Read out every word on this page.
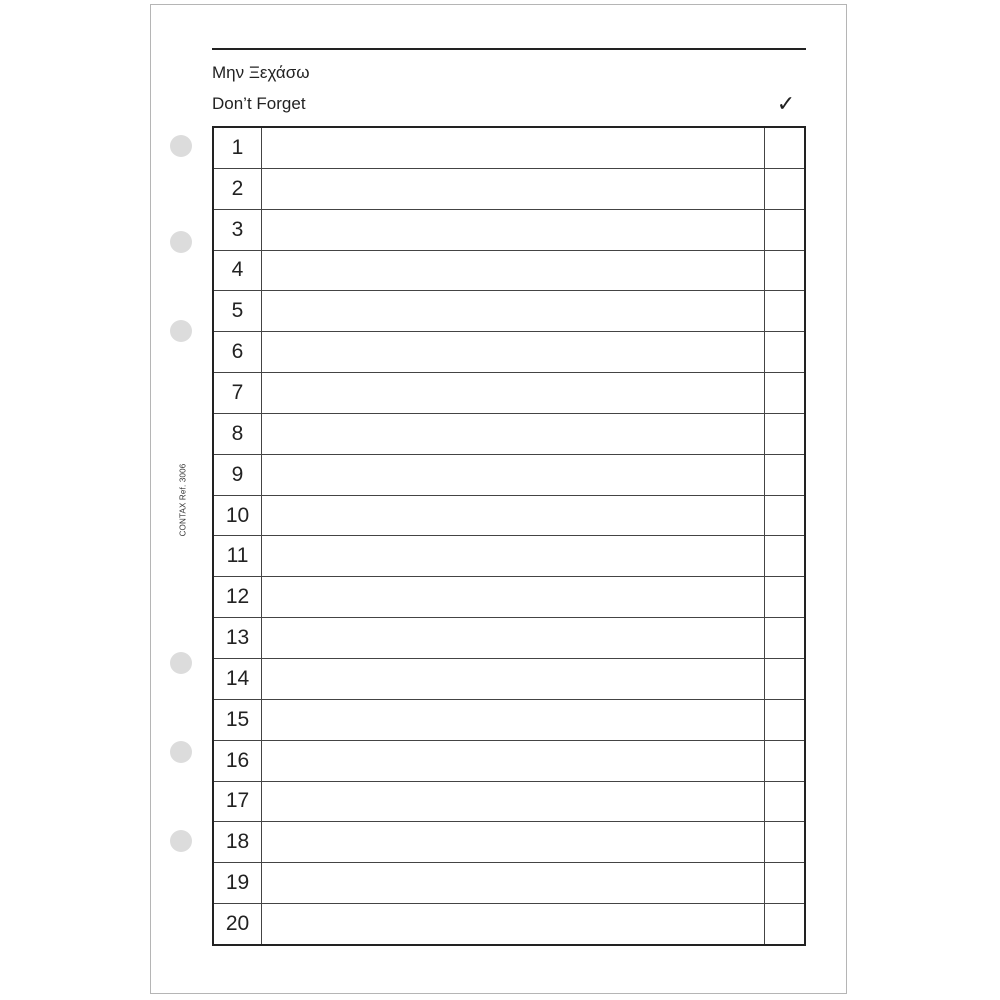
CONTAX Ref. 3006
Μην Ξεχάσω
Don’t Forget	✓
1
2
3
4
5
6
7
8
9
10
11
12
13
14
15
16
17
18
19
20
